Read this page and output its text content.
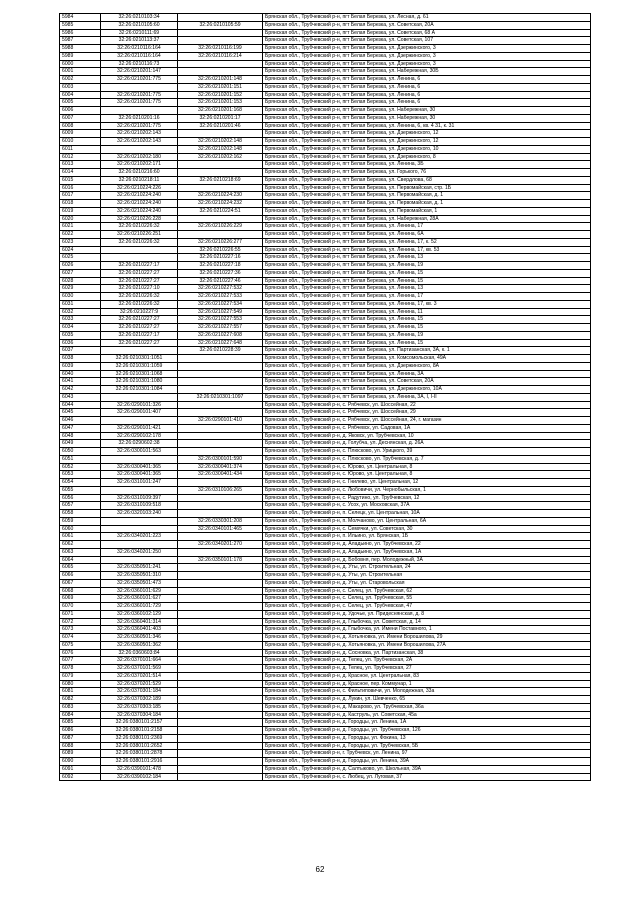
5984	32:26:0210103:34		Брянская обл., Трубчевский р-н, пгт Белая Березка, ул. Лесная, д. 61
5985	32:26:0210105:60	32:26:0210105:59	Брянская обл., Трубчевский р-н, пгт Белая Березка, ул. Советская, 20А
5986	32:26:0210111:69		Брянская обл., Трубчевский р-н, пгт Белая Березка, ул. Советская, 68 А
5987	32:26:0210113:37		Брянская обл., Трубчевский р-н, пгт Белая Березка, ул. Советская, 107
5988	32:26:0210116:164	32:26:0210116:199	Брянская обл., Трубчевский р-н, пгт Белая Березка, ул. Дзержинского, 3
5989	32:26:0210116:164	32:26:0210116:214	Брянская обл., Трубчевский р-н, пгт Белая Березка, ул. Дзержинского, 3
6000	32:26:0210116:73		Брянская обл., Трубчевский р-н, пгт Белая Березка, ул. Дзержинского, 3
6001	32:26:0210201:147		Брянская обл., Трубчевский р-н, пгт Белая Березка, ул. Набережная, 30Б
6002	32:26:0210201:775	32:26:0210201:148	Брянская обл., Трубчевский р-н, пгт Белая Березка, ул. Ленина, 6
6003		32:26:0210201:151	Брянская обл., Трубчевский р-н, пгт Белая Березка, ул. Ленина, 6
6004	32:26:0210201:775	32:26:0210201:152	Брянская обл., Трубчевский р-н, пгт Белая Березка, ул. Ленина, 6
6005	32:26:0210201:775	32:26:0210201:153	Брянская обл., Трубчевский р-н, пгт Белая Березка, ул. Ленина, 6
6006		32:26:0210201:168	Брянская обл., Трубчевский р-н, пгт Белая Березка, ул. Набережная, 30
6007	32:26:0210201:16	32:26:0210201:17	Брянская обл., Трубчевский р-н, пгт Белая Березка, ул. Набережная, 30
6008	32:26:0210201:775	32:26:0210201:46	Брянская обл., Трубчевский р-н, пгт Белая Березка, ул. Ленина, 6, кв. 4 31, к. 31
6009	32:26:0210202:143		Брянская обл., Трубчевский р-н, пгт Белая Березка, ул. Дзержинского, 12
6010	32:26:0210202:143	32:26:0210202:148	Брянская обл., Трубчевский р-н, пгт Белая Березка, ул. Дзержинского, 12
6011		32:26:0210202:148	Брянская обл., Трубчевский р-н, пгт Белая Березка, ул. Дзержинского, 10
6012	32:26:0210202:180	32:26:0210202:162	Брянская обл., Трубчевский р-н, пгт Белая Березка, ул. Дзержинского, 8
6013	32:26:0210202:171		Брянская обл., Трубчевский р-н, пгт Белая Березка, ул. Ленина, 3Б
6014	32:26:0210216:60		Брянская обл., Трубчевский р-н, пгт Белая Березка, ул. Горького, 76
6015	32:26:0210218:11	32:26:0210218:69	Брянская обл., Трубчевский р-н, пгт Белая Березка, ул. Свердлова, 68
6016	32:26:0210224:226		Брянская обл., Трубчевский р-н, пгт Белая Березка, ул. Первомайская, стр. 1Б
6017	32:26:0210224:240	32:26:0210224:230	Брянская обл., Трубчевский р-н, пгт Белая Березка, ул. Первомайская, д. 1
6018	32:26:0210224:240	32:26:0210224:232	Брянская обл., Трубчевский р-н, пгт Белая Березка, ул. Первомайская, д. 1
6019	32:26:0210224:240	32:26:0210224:51	Брянская обл., Трубчевский р-н, пгт Белая Березка, ул. Первомайская, 1
6020	32:26:0210226:228		Брянская обл., Трубчевский р-н, пгт Белая Березка, ул. Набережная, 28А
6021	32:26:0210226:32	32:26:0210226:229	Брянская обл., Трубчевский р-н, пгт Белая Березка, ул. Ленина, 17
6022	32:26:0210226:251		Брянская обл., Трубчевский р-н, пгт Белая Березка, ул. Ленина, 6А
6023	32:26:0210226:32	32:26:0210226:277	Брянская обл., Трубчевский р-н, пгт Белая Березка, ул. Ленина, 17, к. 52
6024		32:26:0210226:55	Брянская обл., Трубчевский р-н, пгт Белая Березка, ул. Ленина, 17, кв. 53
6025		32:26:0210227:16	Брянская обл., Трубчевский р-н, пгт Белая Березка, ул. Ленина, 13
6026	32:26:0210227:17	32:26:0210227:18	Брянская обл., Трубчевский р-н, пгт Белая Березка, ул. Ленина, 19
6027	32:26:0210227:27	32:26:0210227:36	Брянская обл., Трубчевский р-н, пгт Белая Березка, ул. Ленина, 15
6028	32:26:0210227:27	32:26:0210227:46	Брянская обл., Трубчевский р-н, пгт Белая Березка, ул. Ленина, 15
6029	32:26:0210227:10	32:26:0210227:532	Брянская обл., Трубчевский р-н, пгт Белая Березка, ул. Ленина, 13
6030	32:26:0210226:32	32:26:0210227:533	Брянская обл., Трубчевский р-н, пгт Белая Березка, ул. Ленина, 17
6031	32:26:0210226:32	32:26:0210227:534	Брянская обл., Трубчевский р-н, пгт Белая Березка, ул. Ленина, 17, кв. 3
6032	32:26:0210227:9	32:26:0210227:549	Брянская обл., Трубчевский р-н, пгт Белая Березка, ул. Ленина, 11
6033	32:26:0210227:27	32:26:0210227:553	Брянская обл., Трубчевский р-н, пгт Белая Березка, ул. Ленина, 15
6034	32:26:0210227:27	32:26:0210227:557	Брянская обл., Трубчевский р-н, пгт Белая Березка, ул. Ленина, 15
6035	32:26:0210227:17	32:26:0210227:608	Брянская обл., Трубчевский р-н, пгт Белая Березка, ул. Ленина, 19
6036	32:26:0210227:27	32:26:0210227:648	Брянская обл., Трубчевский р-н, пгт Белая Березка, ул. Ленина, 15
6037		32:26:0210228:39	Брянская обл., Трубчевский р-н, пгт Белая Березка, ул. Партизанская, 3А, к. 1
6038	32:26:0210301:1051		Брянская обл., Трубчевский р-н, пгт Белая Березка, ул. Комсомольская, 49А
6039	32:26:0210301:1059		Брянская обл., Трубчевский р-н, пгт Белая Березка, ул. Дзержинского, 8А
6040	32:26:0210301:1068		Брянская обл., Трубчевский р-н, пгт Белая Березка, ул. Ленина, 3А
6041	32:26:0210301:1080		Брянская обл., Трубчевский р-н, пгт Белая Березка, ул. Советская, 20А
6042	32:26:0210301:1084		Брянская обл., Трубчевский р-н, пгт Белая Березка, ул. Дзержинского, 10А
6043		32:26:0210301:1097	Брянская обл., Трубчевский р-н, пгт Белая Березка, ул. Ленина, 3А, I, I-II
6044	32:26:0290101:326		Брянская обл., Трубчевский р-н, с. Рябчевск, ул. Шоссейная, 22
6045	32:26:0290101:407		Брянская обл., Трубчевский р-н, с. Рябчевск, ул. Шоссейная, 29
6046		32:26:0290101:410	Брянская обл., Трубчевский р-н, с. Рябчевск, ул. Шоссейная, 24, г. магазин
6047	32:26:0290101:421		Брянская обл., Трубчевский р-н, с. Рябчевск, ул. Садовая, 1А
6048	32:26:0290102:178		Брянская обл., Трубчевский р-н, д. Яковск, ул. Трубчевская, 10
6049	32:26:0290602:38		Брянская обл., Трубчевский р-н, д. Голубча, ул. Деснянская, д. 26А
6050	32:26:0300101:563		Брянская обл., Трубчевский р-н, с. Плюсково, ул. Урицкого, 39
6051		32:26:0300101:590	Брянская обл., Трубчевский р-н, с. Плюсково, ул. Трубчевская, д. 7
6052	32:26:0300401:365	32:26:0300401:374	Брянская обл., Трубчевский р-н, с. Юрово, ул. Центральная, 8
6053	32:26:0300401:365	32:26:0300401:434	Брянская обл., Трубчевский р-н, с. Юрово, ул. Центральная, 8
6054	32:26:0310101:247		Брянская обл., Трубчевский р-н, с. Гнилево, ул. Центральная, 12
6055		32:26:0310106:265	Брянская обл., Трубчевский р-н, с. Любовичи, ул. Чернобыльская, 1
6056	32:26:0310109:397		Брянская обл., Трубчевский р-н, с. Радутино, ул. Трубчевская, 12
6057	32:26:0310109:518		Брянская обл., Трубчевский р-н, с. Усох, ул. Московская, 37А
6058	32:26:0320103:240		Брянская обл., Трубчевский р-н, п. Селецк, ул. Центральная, 10А
6059		32:26:0330301:208	Брянская обл., Трубчевский р-н, п. Молчаново, ул. Центральная, 6А
6060		32:26:0340101:465	Брянская обл., Трубчевский р-н, с. Семячки, ул. Советская, 30
6061	32:26:0340201:223		Брянская обл., Трубчевский р-н, п. Ильино, ул. Брянская, 1Б
6062		32:26:0340201:270	Брянская обл., Трубчевский р-н, д. Аладьино, ул. Трубчевская, 22
6063	32:26:0340201:250		Брянская обл., Трубчевский р-н, д. Аладьино, ул. Трубчевская, 1А
6064		32:26:0350101:178	Брянская обл., Трубчевский р-н, д. Бобовня, пер. Молодежный, 3А
6065	32:26:0350501:241		Брянская обл., Трубчевский р-н, д. Уты, ул. Строительная, 24
6066	32:26:0350501:310		Брянская обл., Трубчевский р-н, д. Уты, ул. Строительная
6067	32:26:0350501:473		Брянская обл., Трубчевский р-н, д. Уты, ул. Старовольская
6068	32:26:0360101:629		Брянская обл., Трубчевский р-н, с. Селец, ул. Трубчевская, 62
6069	32:26:0360101:627		Брянская обл., Трубчевский р-н, с. Селец, ул. Трубчевская, 55
6070	32:26:0360101:729		Брянская обл., Трубчевский р-н, с. Селец, ул. Трубчевская, 47
6071	32:26:0360102:129		Брянская обл., Трубчевский р-н, д. Удочье, ул. Придеснянская, д. 8
6072	32:26:0360401:314		Брянская обл., Трубчевский р-н, д. Глыбочка, ул. Советская, д. 14
6073	32:26:0360401:403		Брянская обл., Трубчевский р-н, д. Глыбочка, ул. Имени Поставного, 1
6074	32:26:0360501:346		Брянская обл., Трубчевский р-н, д. Хотьяновка, ул. Имени Ворошилова, 29
6075	32:26:0360501:362		Брянская обл., Трубчевский р-н, д. Хотьяновка, ул. Имени Ворошилова, 27А
6076	32:26:0360603:84		Брянская обл., Трубчевский р-н, д. Сосновка, ул. Партизанская, 38
6077	32:26:0370101:664		Брянская обл., Трубчевский р-н, д. Телец, ул. Трубчевская, 2А
6078	32:26:0370101:569		Брянская обл., Трубчевский р-н, д. Телец, ул. Трубчевская, 27
6079	32:26:0370201:514		Брянская обл., Трубчевский р-н, д. Красное, ул. Центральная, 83
6080	32:26:0370201:529		Брянская обл., Трубчевский р-н, д. Красное, пер. Коммунар, 1
6081	32:26:0370301:184		Брянская обл., Трубчевский р-н, с. Фильтиповичи, ул. Молодежная, 33а
6082	32:26:0370302:189		Брянская обл., Трубчевский р-н, д. Лукин, ул. Шевченко, 65
6083	32:26:0370303:185		Брянская обл., Трубчевский р-н, д. Макарово, ул. Трубчевская, 36а
6084	32:26:0370304:184		Брянская обл., Трубчевский р-н, д. Каструль, ул. Советская, 45а
6085	32:26:0380101:2157		Брянская обл., Трубчевский р-н, д. Городцы, ул. Ленина, 1А
6086	32:26:0380101:2158		Брянская обл., Трубчевский р-н, д. Городцы, ул. Трубчевская, 126
6087	32:26:0380101:2369		Брянская обл., Трубчевский р-н, д. Городцы, ул. Фокина, 13
6088	32:26:0380101:2652		Брянская обл., Трубчевский р-н, д. Городцы, ул. Трубчевская, 5Б
6089	32:26:0380101:2878		Брянская обл., Трубчевский р-н, г. Трубчевск, ул. Ленина, 97
6090	32:26:0380101:2916		Брянская обл., Трубчевский р-н, д. Городцы, ул. Ленина, 39А
6091	32:26:0390101:478		Брянская обл., Трубчевский р-н, д. Салтыково, ул. Школьная, 39А
6092	32:26:0390102:184		Брянская обл., Трубчевский р-н, с. Любец, ул. Луговая, 37
62
